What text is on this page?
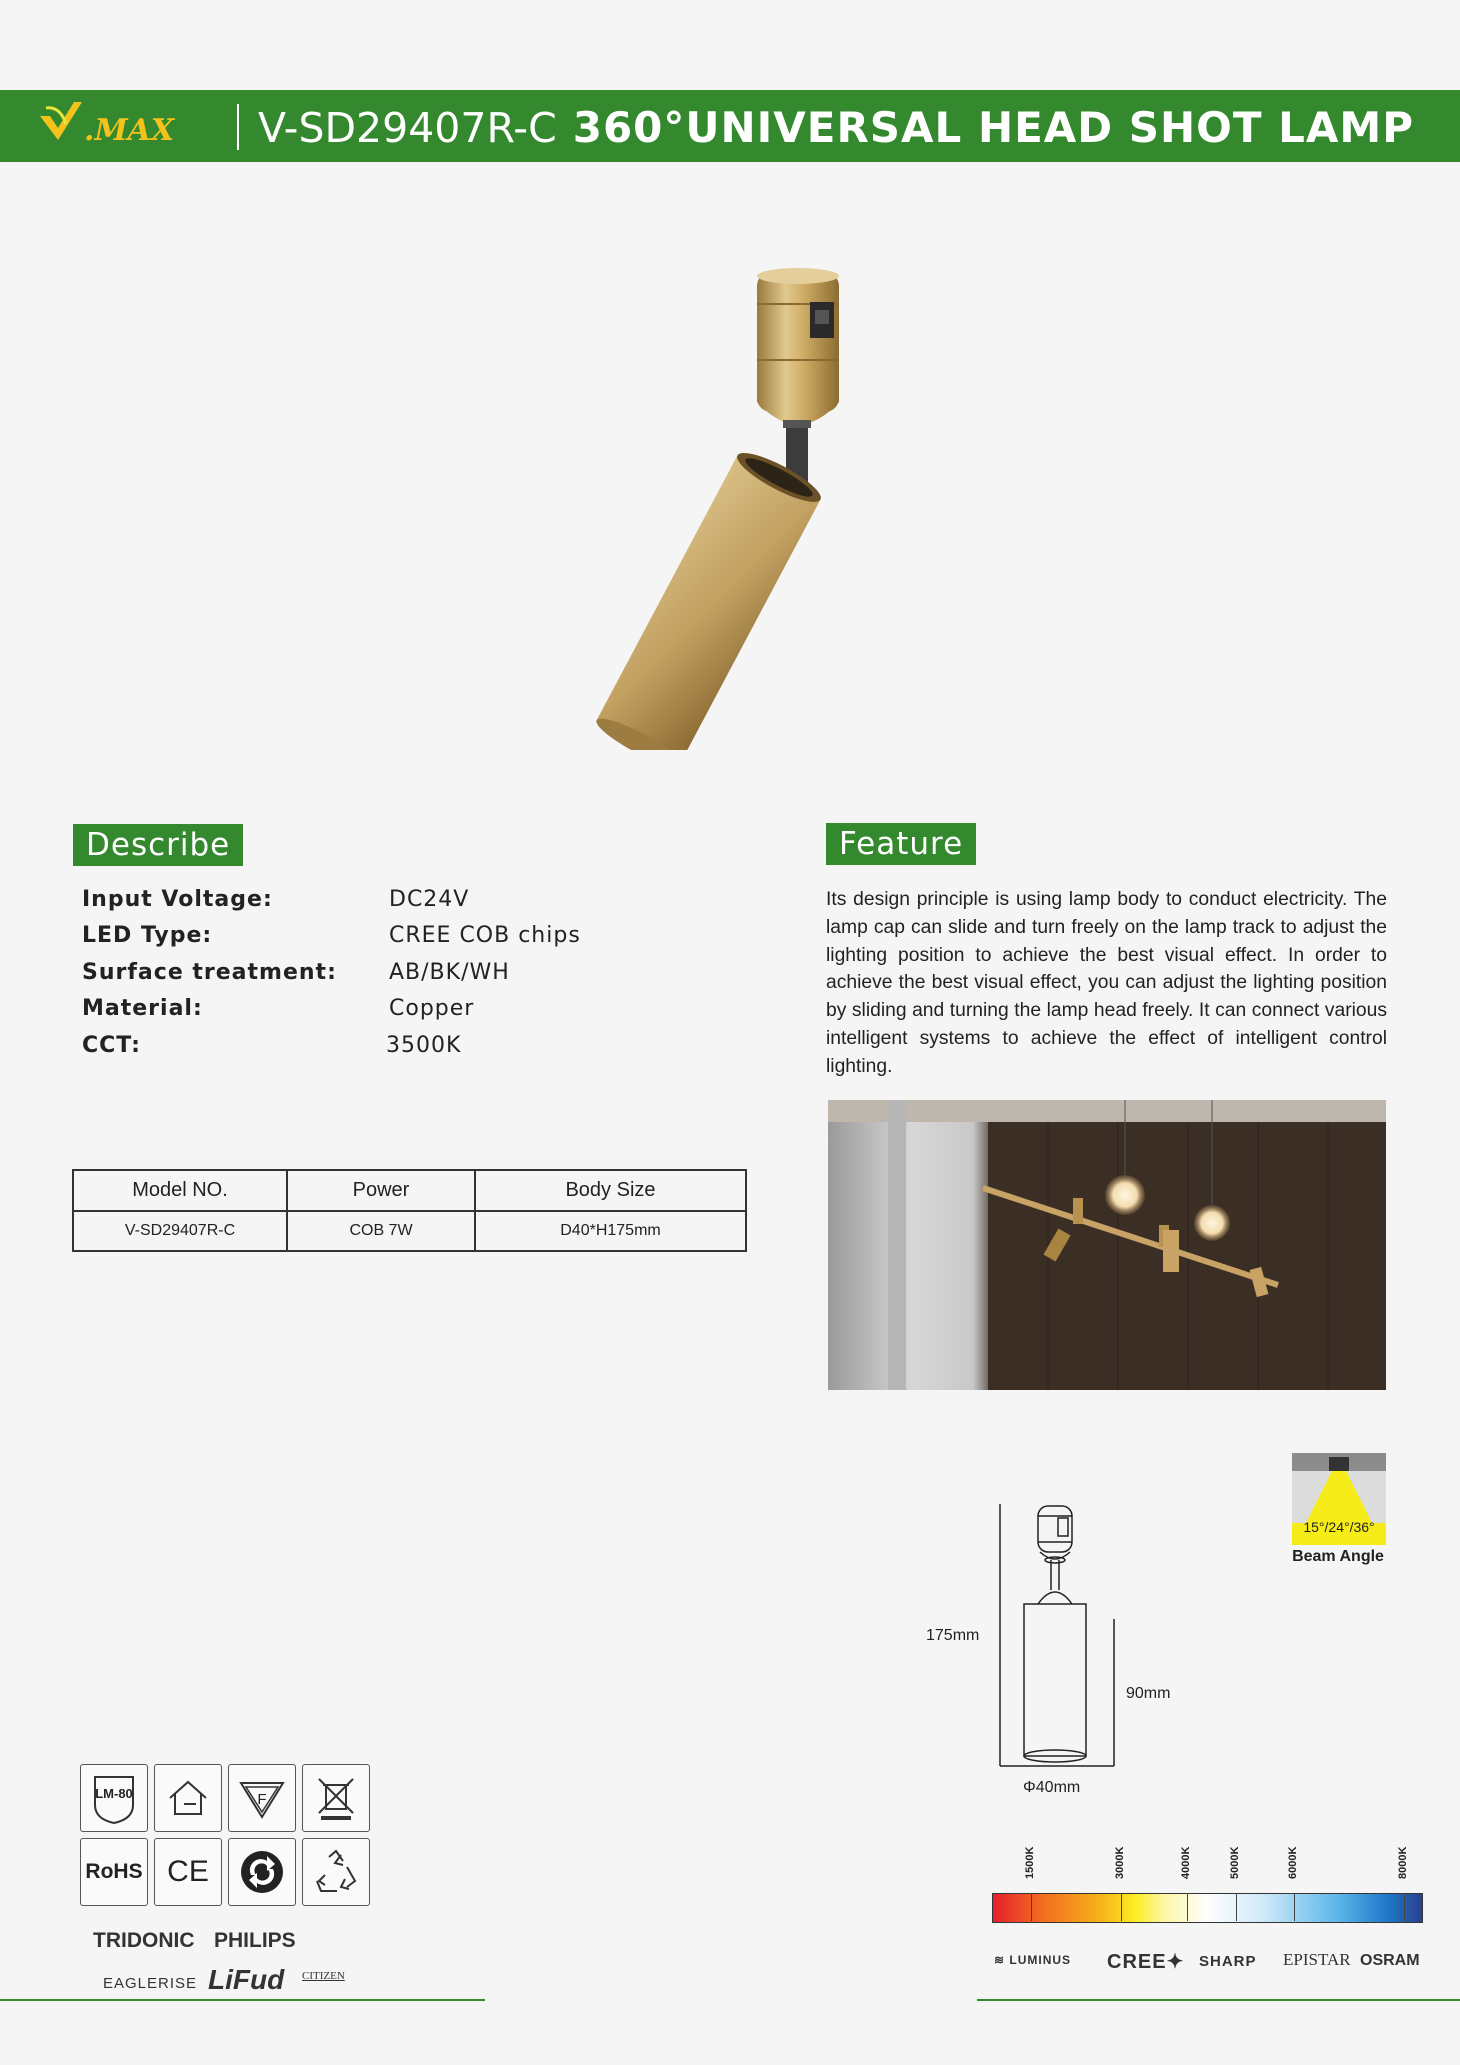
.MAX V-SD29407R-C 360°UNIVERSAL HEAD SHOT LAMP
Describe
Input Voltage:	DC24V
LED Type:	CREE COB chips
Surface treatment: AB/BK/WH
Material:	Copper
CCT:	3500K
Feature
Its design principle is using lamp body to conduct electricity. The lamp cap can slide and turn freely on the lamp track to adjust the lighting position to achieve the best visual effect. In order to achieve the best visual effect, you can adjust the lighting position by sliding and turning the lamp head freely. It can connect various intelligent systems to achieve the effect of intelligent control lighting.
Model NO.	Power	Body Size
V-SD29407R-C	COB 7W	D40*H175mm
15°/24°/36°
Beam Angle
175mm
90mm
Φ40mm
LM-80	F
RoHS CE
TRIDONIC PHILIPS
EAGLERISE LiFud CITIZEN
1500K	3000K	4000K	5000K	6000K	8000K
≋ LUMINUS CREE✦ SHARP EPISTAR OSRAM
